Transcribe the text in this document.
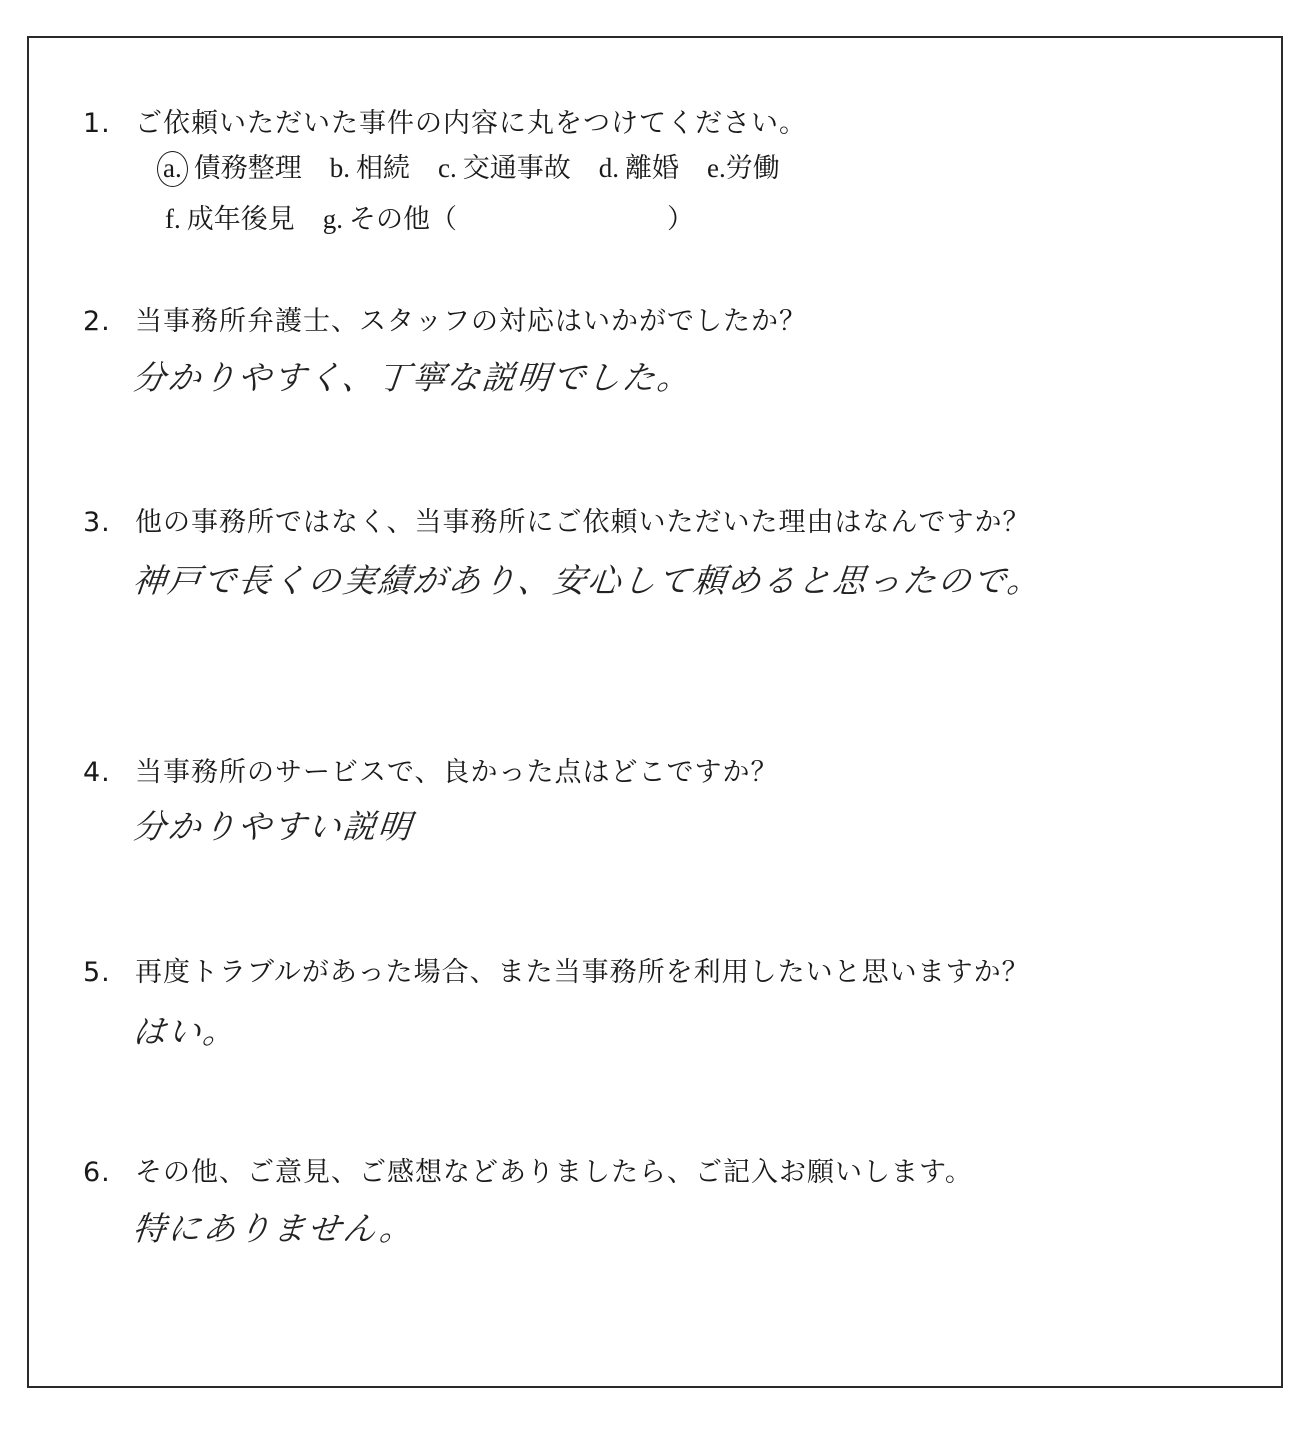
1. ご依頼いただいた事件の内容に丸をつけてください。
a. 債務整理 b. 相続 c. 交通事故 d. 離婚 e.労働
f. 成年後見 g. その他（	）
2. 当事務所弁護士、スタッフの対応はいかがでしたか？
分かりやすく、丁寧な説明でした。
3. 他の事務所ではなく、当事務所にご依頼いただいた理由はなんですか？
神戸で長くの実績があり、安心して頼めると思ったので。
4. 当事務所のサービスで、良かった点はどこですか？
分かりやすい説明
5. 再度トラブルがあった場合、また当事務所を利用したいと思いますか？
はい。
6. その他、ご意見、ご感想などありましたら、ご記入お願いします。
特にありません。
